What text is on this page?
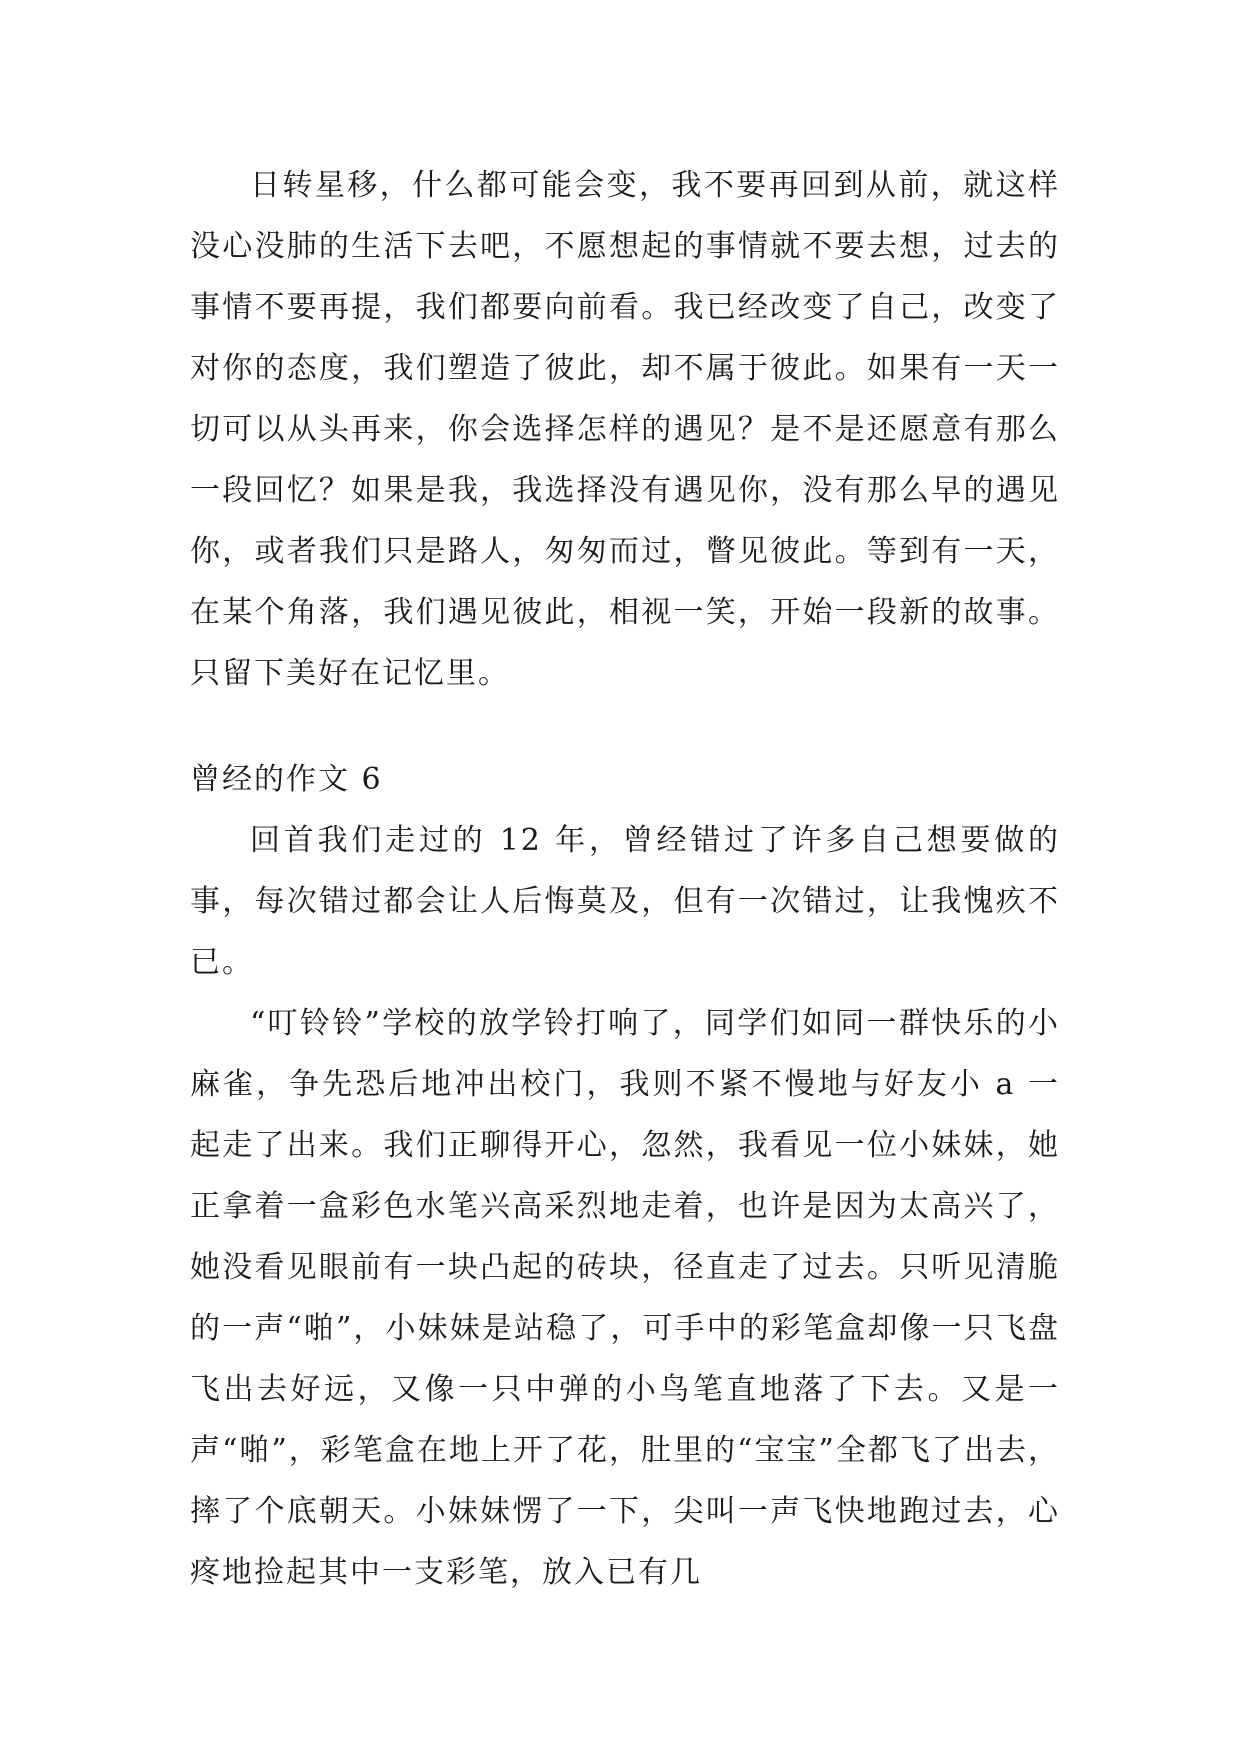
日转星移，什么都可能会变，我不要再回到从前，就这样没心没肺的生活下去吧，不愿想起的事情就不要去想，过去的事情不要再提，我们都要向前看。我已经改变了自己，改变了对你的态度，我们塑造了彼此，却不属于彼此。如果有一天一切可以从头再来，你会选择怎样的遇见？是不是还愿意有那么一段回忆？如果是我，我选择没有遇见你，没有那么早的遇见你，或者我们只是路人，匆匆而过，瞥见彼此。等到有一天，在某个角落，我们遇见彼此，相视一笑，开始一段新的故事。只留下美好在记忆里。

曾经的作文 6

回首我们走过的 12 年，曾经错过了许多自己想要做的事，每次错过都会让人后悔莫及，但有一次错过，让我愧疚不已。

“叮铃铃”学校的放学铃打响了，同学们如同一群快乐的小麻雀，争先恐后地冲出校门，我则不紧不慢地与好友小 a 一起走了出来。我们正聊得开心，忽然，我看见一位小妹妹，她正拿着一盒彩色水笔兴高采烈地走着，也许是因为太高兴了，她没看见眼前有一块凸起的砖块，径直走了过去。只听见清脆的一声“啪”，小妹妹是站稳了，可手中的彩笔盒却像一只飞盘飞出去好远，又像一只中弹的小鸟笔直地落了下去。又是一声“啪”，彩笔盒在地上开了花，肚里的“宝宝”全都飞了出去，摔了个底朝天。小妹妹愣了一下，尖叫一声飞快地跑过去，心疼地捡起其中一支彩笔，放入已有几
